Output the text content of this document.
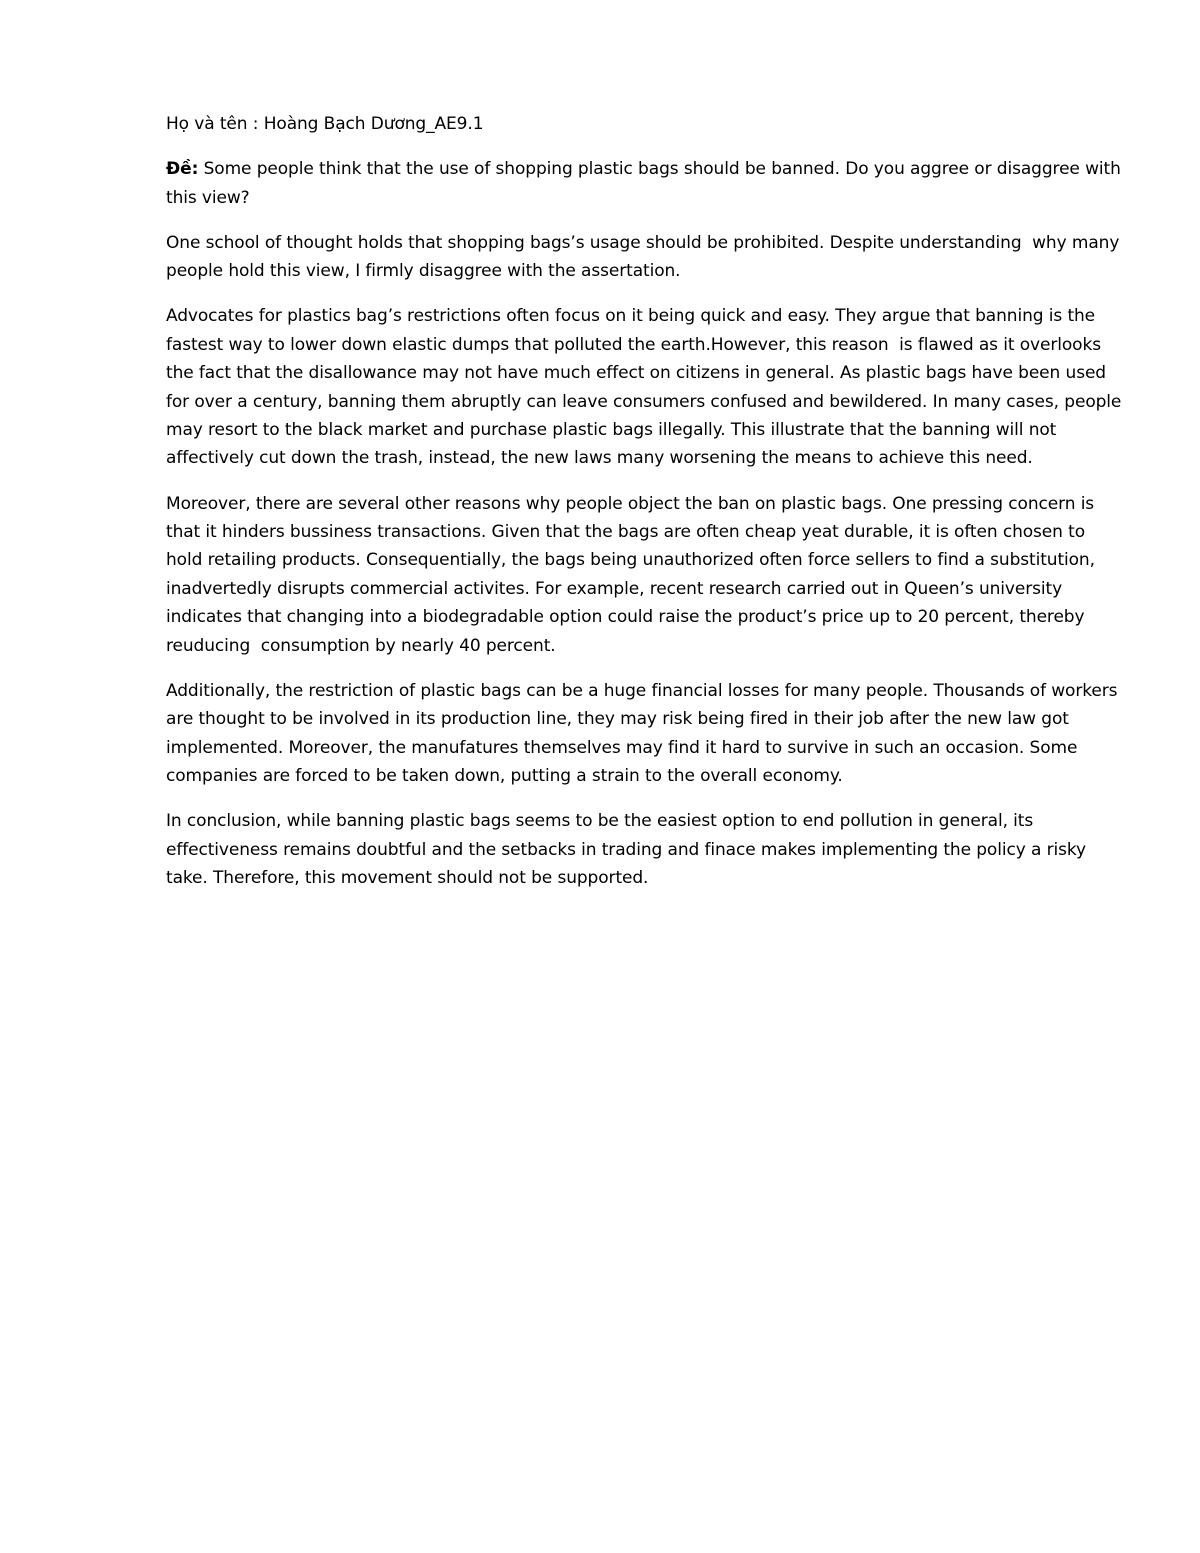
Họ và tên : Hoàng Bạch Dương_AE9.1

Đề: Some people think that the use of shopping plastic bags should be banned. Do you aggree or disaggree with this view?

One school of thought holds that shopping bags’s usage should be prohibited. Despite understanding  why many people hold this view, I firmly disaggree with the assertation.

Advocates for plastics bag’s restrictions often focus on it being quick and easy. They argue that banning is the fastest way to lower down elastic dumps that polluted the earth.However, this reason  is flawed as it overlooks the fact that the disallowance may not have much effect on citizens in general. As plastic bags have been used for over a century, banning them abruptly can leave consumers confused and bewildered. In many cases, people may resort to the black market and purchase plastic bags illegally. This illustrate that the banning will not affectively cut down the trash, instead, the new laws many worsening the means to achieve this need.

Moreover, there are several other reasons why people object the ban on plastic bags. One pressing concern is that it hinders bussiness transactions. Given that the bags are often cheap yeat durable, it is often chosen to hold retailing products. Consequentially, the bags being unauthorized often force sellers to find a substitution, inadvertedly disrupts commercial activites. For example, recent research carried out in Queen’s university indicates that changing into a biodegradable option could raise the product’s price up to 20 percent, thereby reuducing  consumption by nearly 40 percent.

Additionally, the restriction of plastic bags can be a huge financial losses for many people. Thousands of workers are thought to be involved in its production line, they may risk being fired in their job after the new law got implemented. Moreover, the manufatures themselves may find it hard to survive in such an occasion. Some companies are forced to be taken down, putting a strain to the overall economy.

In conclusion, while banning plastic bags seems to be the easiest option to end pollution in general, its effectiveness remains doubtful and the setbacks in trading and finace makes implementing the policy a risky take. Therefore, this movement should not be supported.
